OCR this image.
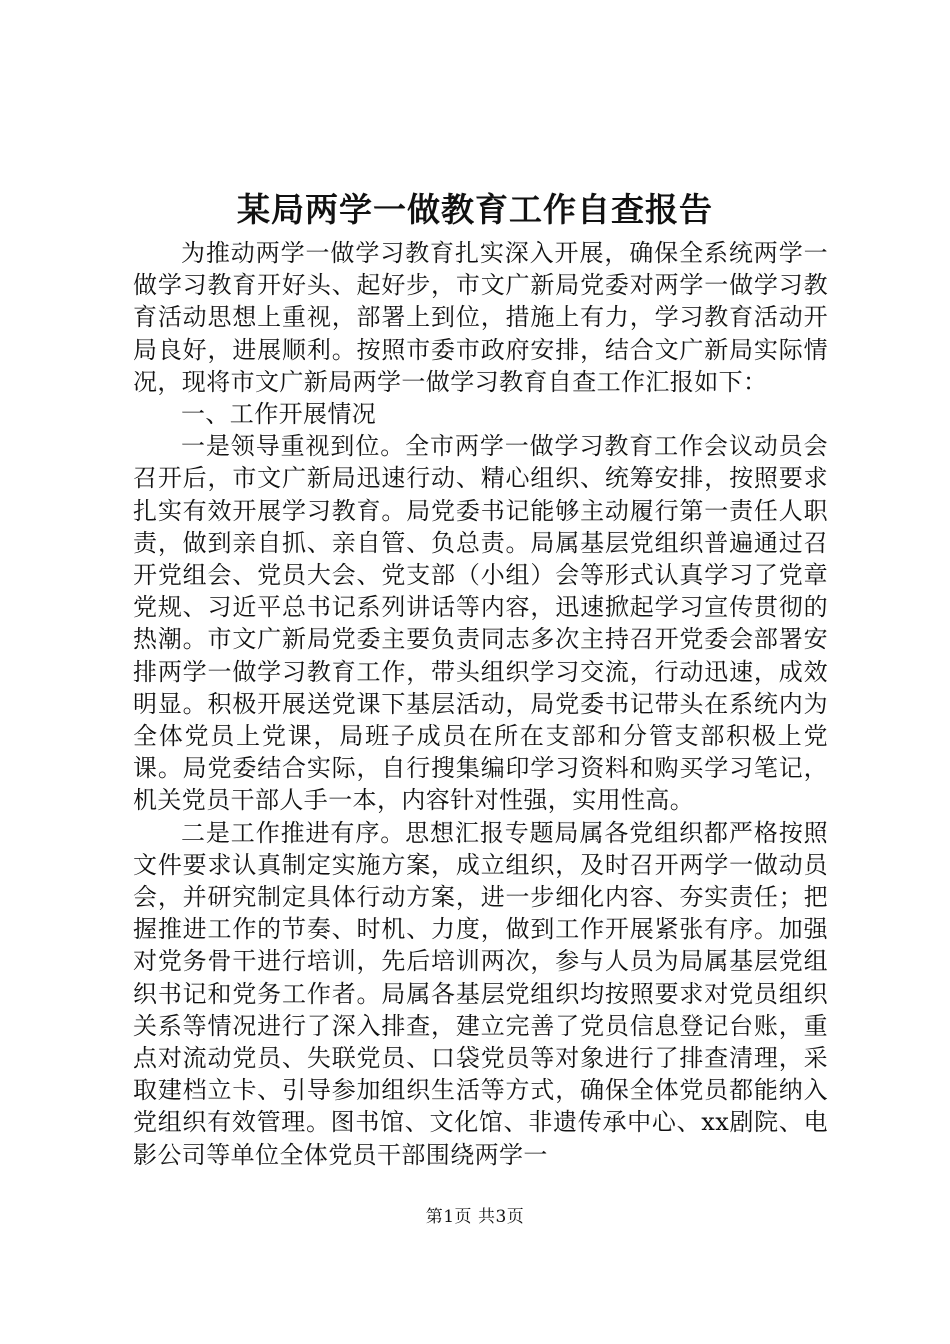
某局两学一做教育工作自查报告

为推动两学一做学习教育扎实深入开展，确保全系统两学一做学习教育开好头、起好步，市文广新局党委对两学一做学习教育活动思想上重视，部署上到位，措施上有力，学习教育活动开局良好，进展顺利。按照市委市政府安排，结合文广新局实际情况，现将市文广新局两学一做学习教育自查工作汇报如下：

一、工作开展情况

一是领导重视到位。全市两学一做学习教育工作会议动员会召开后，市文广新局迅速行动、精心组织、统筹安排，按照要求扎实有效开展学习教育。局党委书记能够主动履行第一责任人职责，做到亲自抓、亲自管、负总责。局属基层党组织普遍通过召开党组会、党员大会、党支部（小组）会等形式认真学习了党章党规、习近平总书记系列讲话等内容，迅速掀起学习宣传贯彻的热潮。市文广新局党委主要负责同志多次主持召开党委会部署安排两学一做学习教育工作，带头组织学习交流，行动迅速，成效明显。积极开展送党课下基层活动，局党委书记带头在系统内为全体党员上党课，局班子成员在所在支部和分管支部积极上党课。局党委结合实际，自行搜集编印学习资料和购买学习笔记，机关党员干部人手一本，内容针对性强，实用性高。

二是工作推进有序。思想汇报专题局属各党组织都严格按照文件要求认真制定实施方案，成立组织，及时召开两学一做动员会，并研究制定具体行动方案，进一步细化内容、夯实责任；把握推进工作的节奏、时机、力度，做到工作开展紧张有序。加强对党务骨干进行培训，先后培训两次，参与人员为局属基层党组织书记和党务工作者。局属各基层党组织均按照要求对党员组织关系等情况进行了深入排查，建立完善了党员信息登记台账，重点对流动党员、失联党员、口袋党员等对象进行了排查清理，采取建档立卡、引导参加组织生活等方式，确保全体党员都能纳入党组织有效管理。图书馆、文化馆、非遗传承中心、xx剧院、电影公司等单位全体党员干部围绕两学一

第1页 共3页
